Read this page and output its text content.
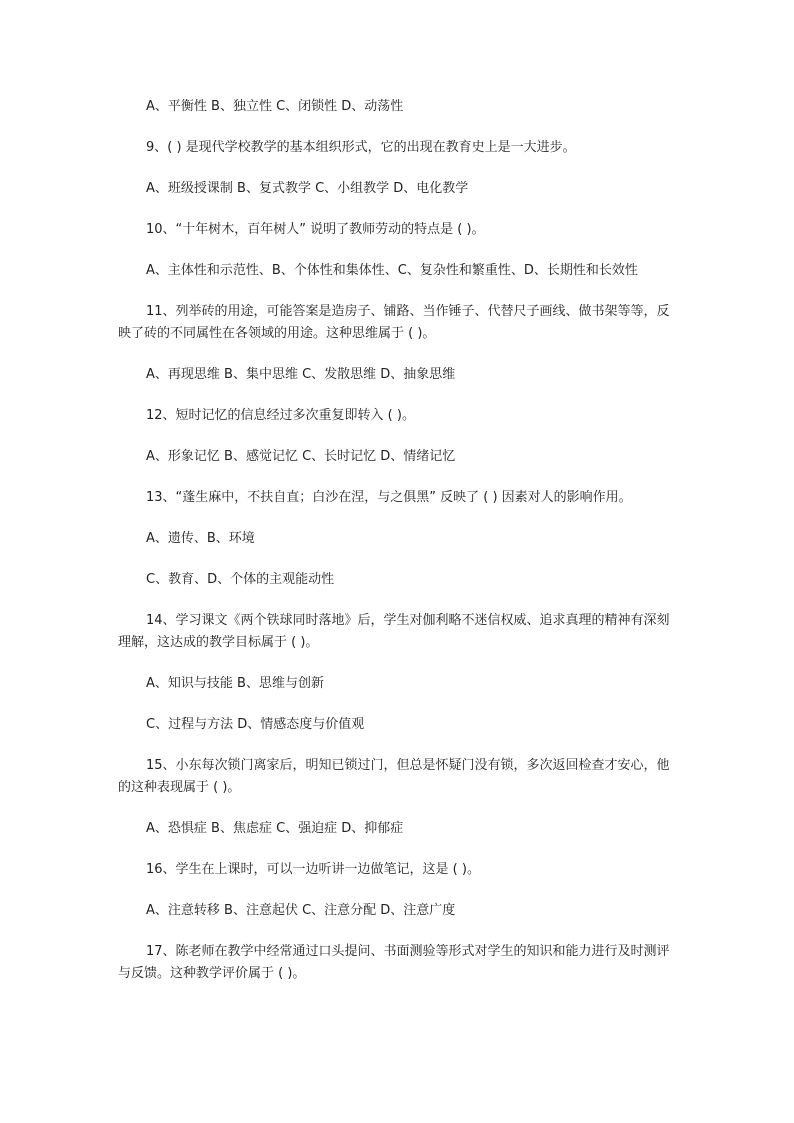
A、平衡性 B、独立性 C、闭锁性 D、动荡性

9、( ) 是现代学校教学的基本组织形式，它的出现在教育史上是一大进步。

A、班级授课制 B、复式教学 C、小组教学 D、电化教学

10、“十年树木，百年树人” 说明了教师劳动的特点是 ( )。

A、主体性和示范性、B、个体性和集体性、C、复杂性和繁重性、D、长期性和长效性

11、列举砖的用途，可能答案是造房子、铺路、当作锤子、代替尺子画线、做书架等等，反映了砖的不同属性在各领域的用途。这种思维属于 ( )。

A、再现思维 B、集中思维 C、发散思维 D、抽象思维

12、短时记忆的信息经过多次重复即转入 ( )。

A、形象记忆 B、感觉记忆 C、长时记忆 D、情绪记忆

13、“蓬生麻中，不扶自直；白沙在涅，与之俱黑” 反映了 ( ) 因素对人的影响作用。

A、遗传、B、环境

C、教育、D、个体的主观能动性

14、学习课文《两个铁球同时落地》后，学生对伽利略不迷信权威、追求真理的精神有深刻理解，这达成的教学目标属于 ( )。

A、知识与技能 B、思维与创新

C、过程与方法 D、情感态度与价值观

15、小东每次锁门离家后，明知已锁过门，但总是怀疑门没有锁，多次返回检查才安心，他的这种表现属于 ( )。

A、恐惧症 B、焦虑症 C、强迫症 D、抑郁症

16、学生在上课时，可以一边听讲一边做笔记，这是 ( )。

A、注意转移 B、注意起伏 C、注意分配 D、注意广度

17、陈老师在教学中经常通过口头提问、书面测验等形式对学生的知识和能力进行及时测评与反馈。这种教学评价属于 ( )。
